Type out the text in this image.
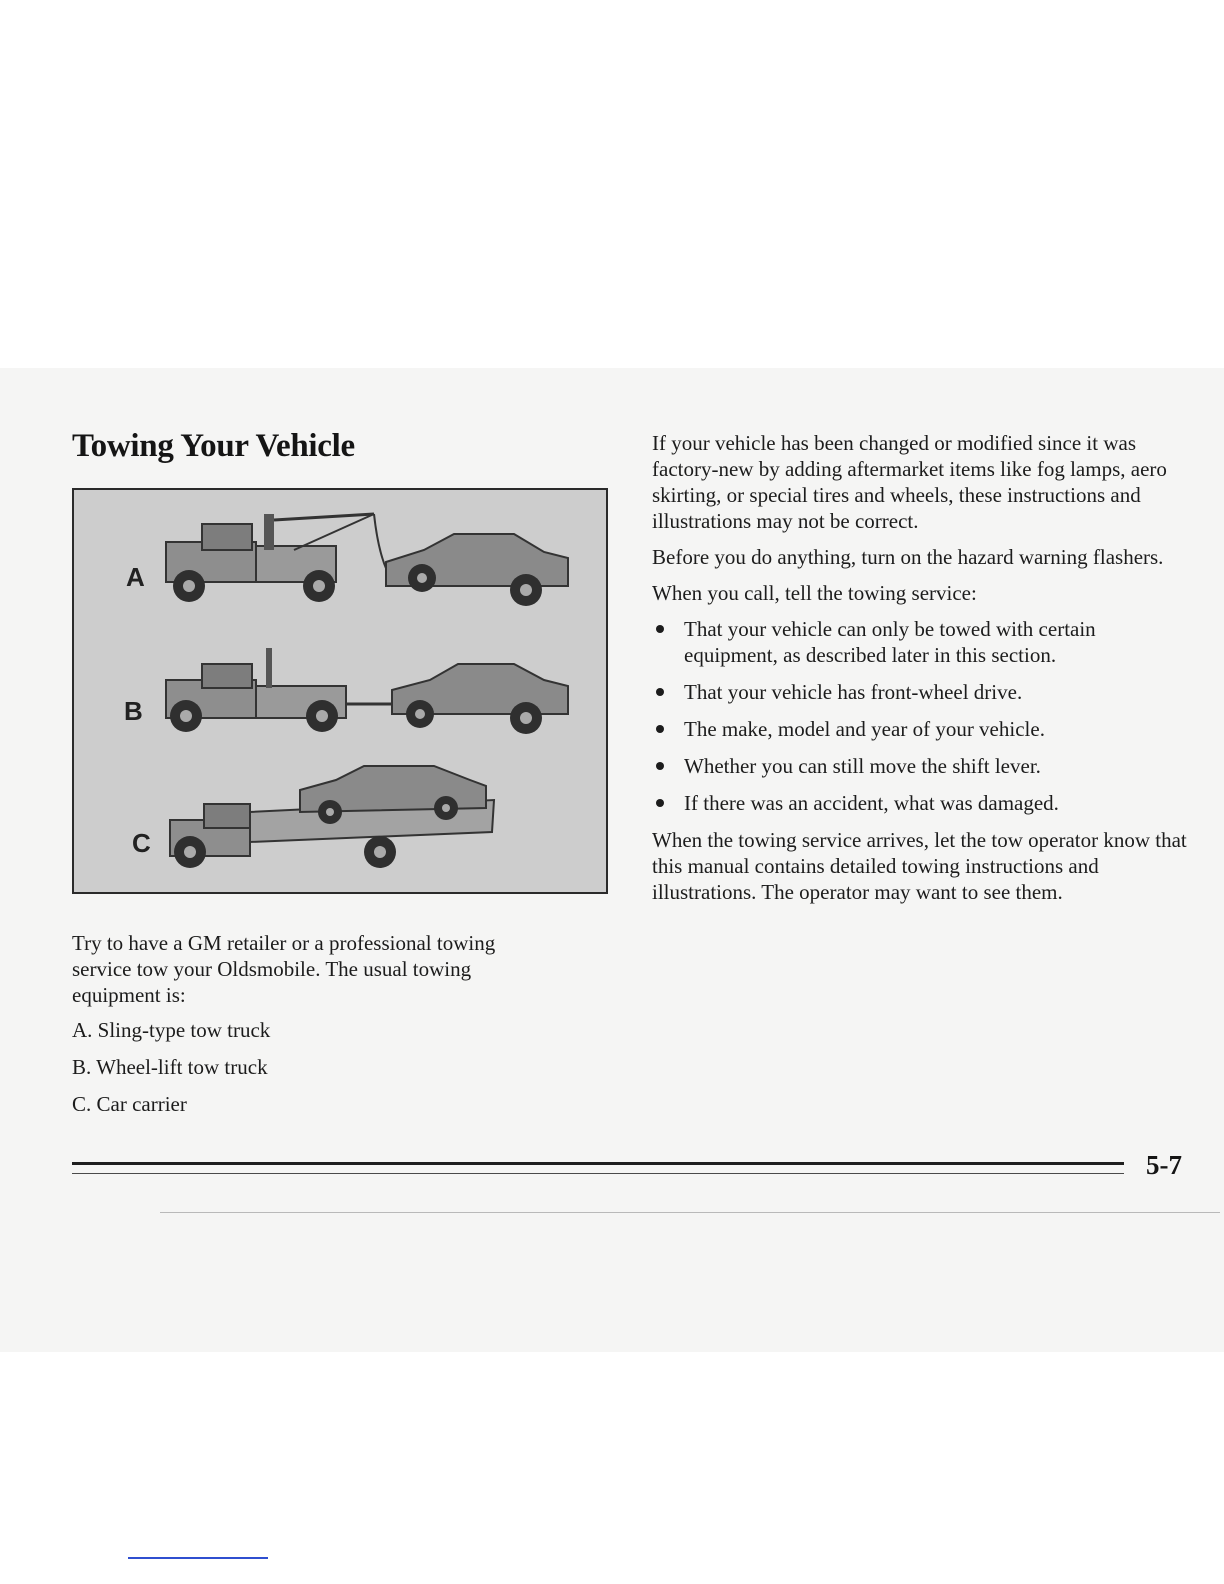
Towing Your Vehicle
A
B
C

Try to have a GM retailer or a professional towing service tow your Oldsmobile. The usual towing equipment is:

A. Sling-type tow truck
B. Wheel-lift tow truck
C. Car carrier

If your vehicle has been changed or modified since it was factory-new by adding aftermarket items like fog lamps, aero skirting, or special tires and wheels, these instructions and illustrations may not be correct.

Before you do anything, turn on the hazard warning flashers.

When you call, tell the towing service:

That your vehicle can only be towed with certain equipment, as described later in this section.
That your vehicle has front-wheel drive.
The make, model and year of your vehicle.
Whether you can still move the shift lever.
If there was an accident, what was damaged.

When the towing service arrives, let the tow operator know that this manual contains detailed towing instructions and illustrations. The operator may want to see them.

5-7
